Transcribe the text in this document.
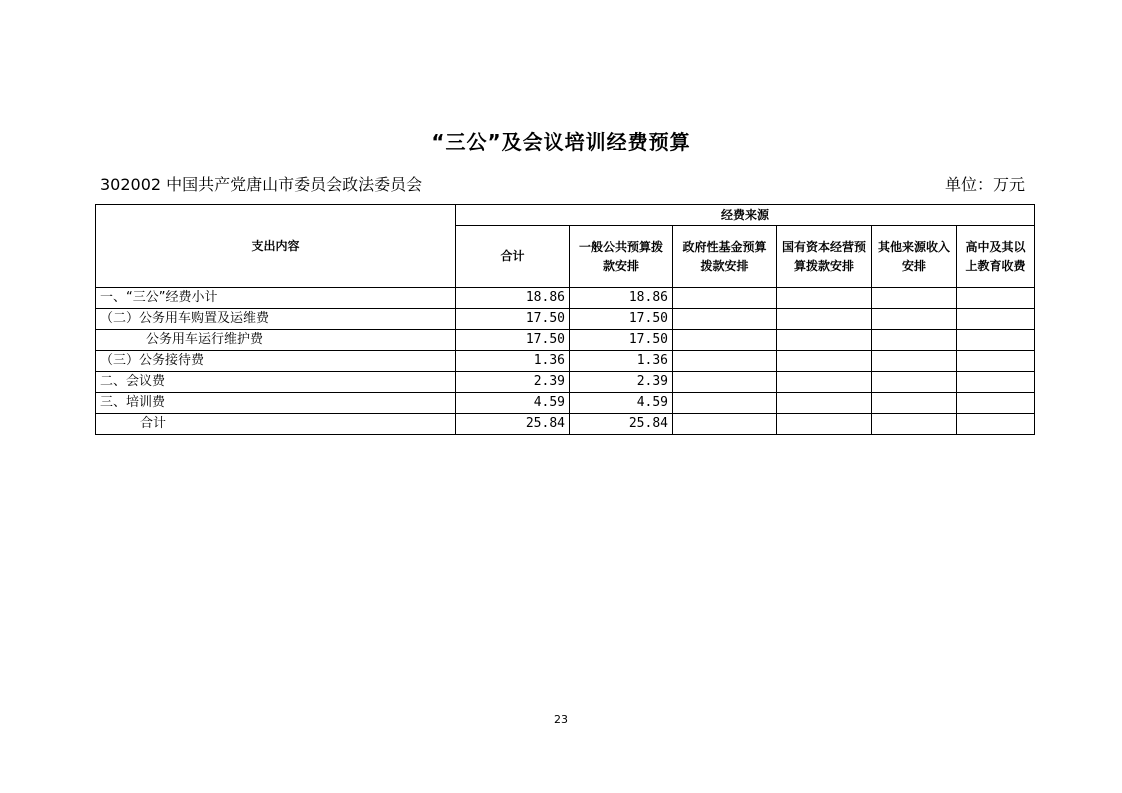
“三公”及会议培训经费预算
302002 中国共产党唐山市委员会政法委员会	单位：万元
支出内容	经费来源					
	合计	一般公共预算拨款安排	政府性基金预算拨款安排	国有资本经营预算拨款安排	其他来源收入安排	高中及其以上教育收费
一、“三公”经费小计	18.86	18.86				
（二）公务用车购置及运维费	17.50	17.50				
公务用车运行维护费	17.50	17.50				
（三）公务接待费	1.36	1.36				
二、会议费	2.39	2.39				
三、培训费	4.59	4.59				
合计	25.84	25.84				
23
